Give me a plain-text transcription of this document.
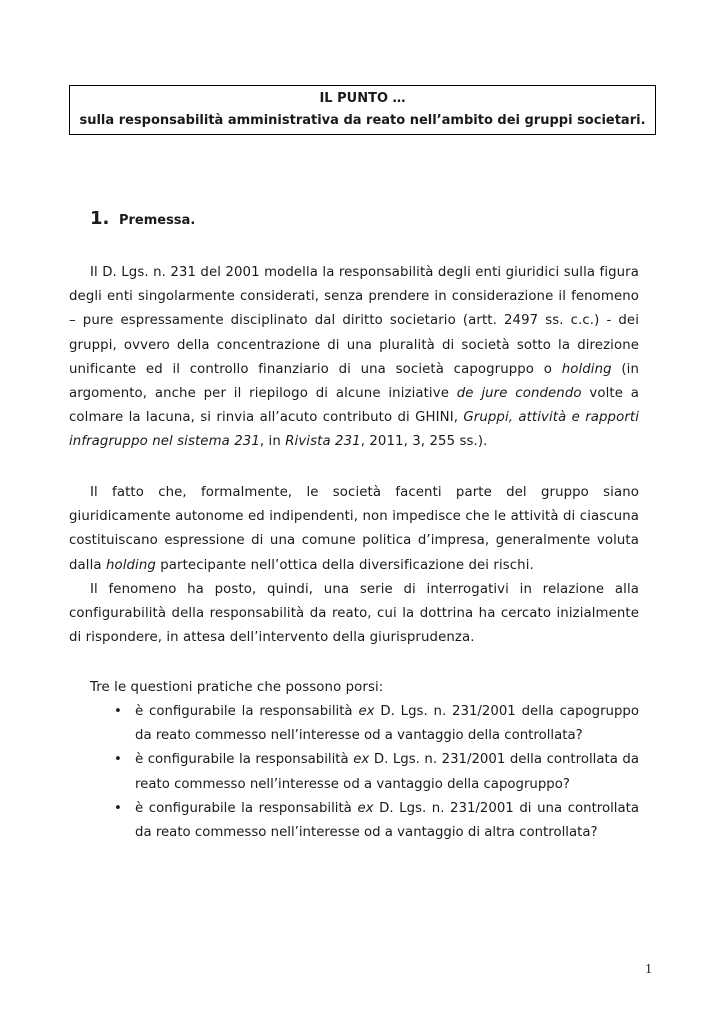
IL PUNTO …
sulla responsabilità amministrativa da reato nell’ambito dei gruppi societari.
1. Premessa.

Il D. Lgs. n. 231 del 2001 modella la responsabilità degli enti giuridici sulla figura degli enti singolarmente considerati, senza prendere in considerazione il fenomeno – pure espressamente disciplinato dal diritto societario (artt. 2497 ss. c.c.) - dei gruppi, ovvero della concentrazione di una pluralità di società sotto la direzione unificante ed il controllo finanziario di una società capogruppo o holding (in argomento, anche per il riepilogo di alcune iniziative de jure condendo volte a colmare la lacuna, si rinvia all’acuto contributo di GHINI, Gruppi, attività e rapporti infragruppo nel sistema 231, in Rivista 231, 2011, 3, 255 ss.).

Il fatto che, formalmente, le società facenti parte del gruppo siano giuridicamente autonome ed indipendenti, non impedisce che le attività di ciascuna costituiscano espressione di una comune politica d’impresa, generalmente voluta dalla holding partecipante nell’ottica della diversificazione dei rischi.

Il fenomeno ha posto, quindi, una serie di interrogativi in relazione alla configurabilità della responsabilità da reato, cui la dottrina ha cercato inizialmente di rispondere, in attesa dell’intervento della giurisprudenza.

Tre le questioni pratiche che possono porsi:

• è configurabile la responsabilità ex D. Lgs. n. 231/2001 della capogruppo da reato commesso nell’interesse od a vantaggio della controllata?
• è configurabile la responsabilità ex D. Lgs. n. 231/2001 della controllata da reato commesso nell’interesse od a vantaggio della capogruppo?
• è configurabile la responsabilità ex D. Lgs. n. 231/2001 di una controllata da reato commesso nell’interesse od a vantaggio di altra controllata?
1
